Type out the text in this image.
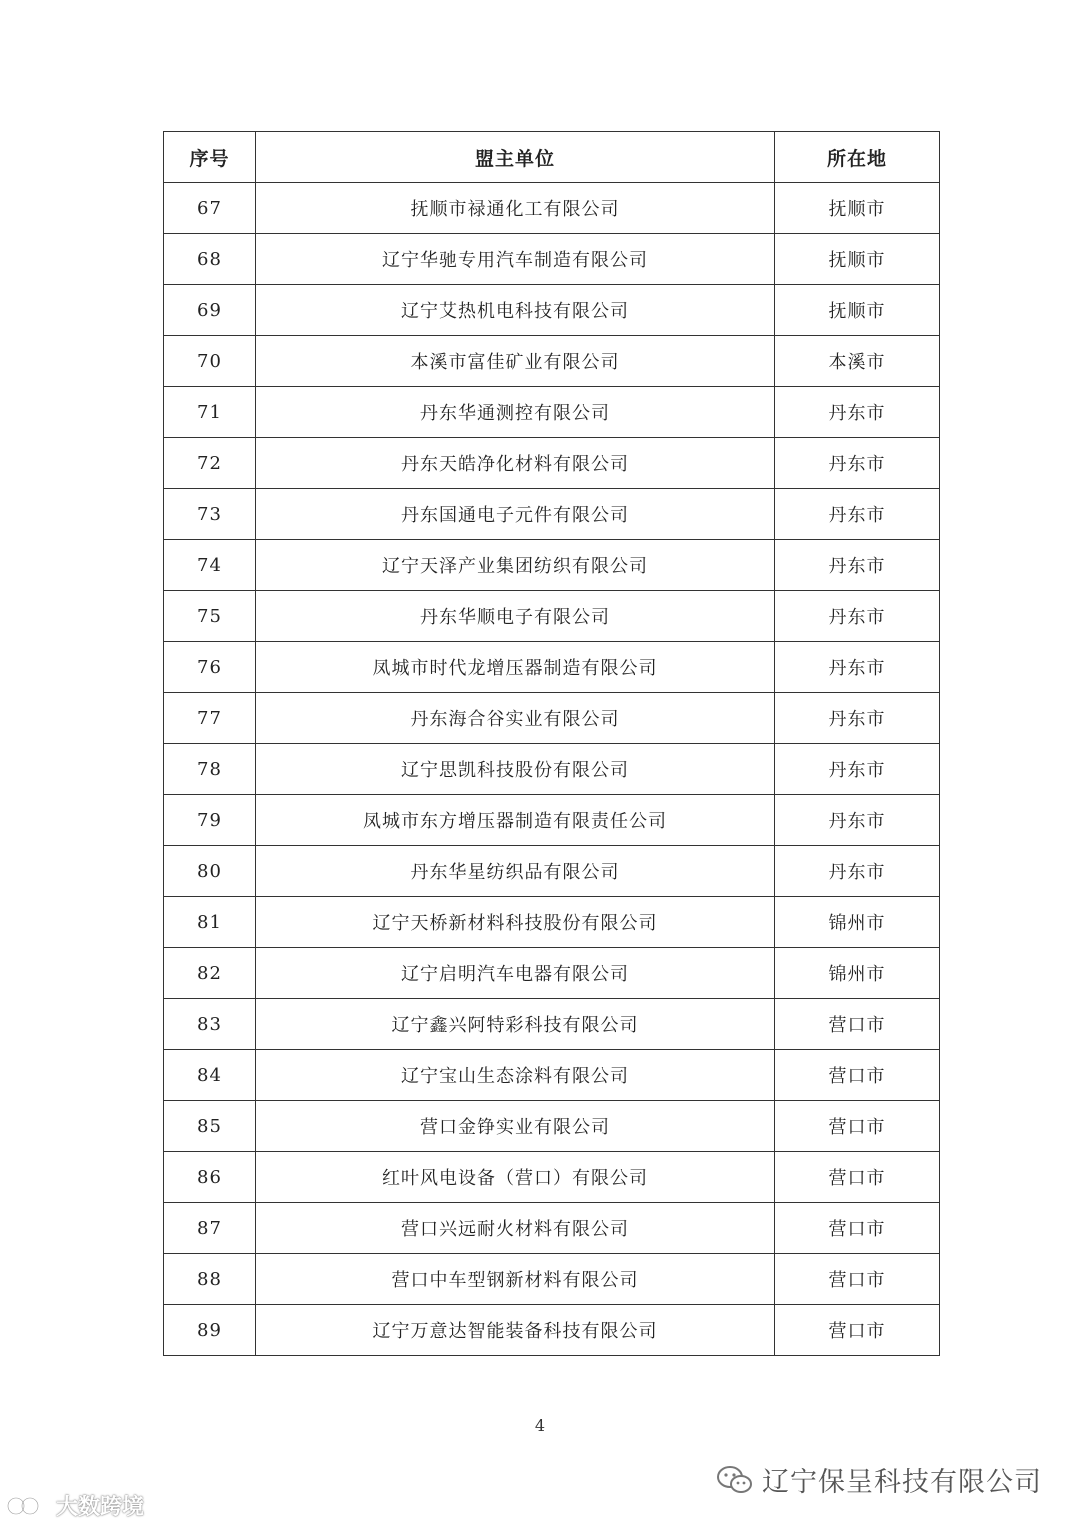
序号	盟主单位	所在地
67	抚顺市禄通化工有限公司	抚顺市
68	辽宁华驰专用汽车制造有限公司	抚顺市
69	辽宁艾热机电科技有限公司	抚顺市
70	本溪市富佳矿业有限公司	本溪市
71	丹东华通测控有限公司	丹东市
72	丹东天皓净化材料有限公司	丹东市
73	丹东国通电子元件有限公司	丹东市
74	辽宁天泽产业集团纺织有限公司	丹东市
75	丹东华顺电子有限公司	丹东市
76	凤城市时代龙增压器制造有限公司	丹东市
77	丹东海合谷实业有限公司	丹东市
78	辽宁思凯科技股份有限公司	丹东市
79	凤城市东方增压器制造有限责任公司	丹东市
80	丹东华星纺织品有限公司	丹东市
81	辽宁天桥新材料科技股份有限公司	锦州市
82	辽宁启明汽车电器有限公司	锦州市
83	辽宁鑫兴阿特彩科技有限公司	营口市
84	辽宁宝山生态涂料有限公司	营口市
85	营口金铮实业有限公司	营口市
86	红叶风电设备（营口）有限公司	营口市
87	营口兴远耐火材料有限公司	营口市
88	营口中车型钢新材料有限公司	营口市
89	辽宁万意达智能装备科技有限公司	营口市
4
辽宁保呈科技有限公司
大数跨境
